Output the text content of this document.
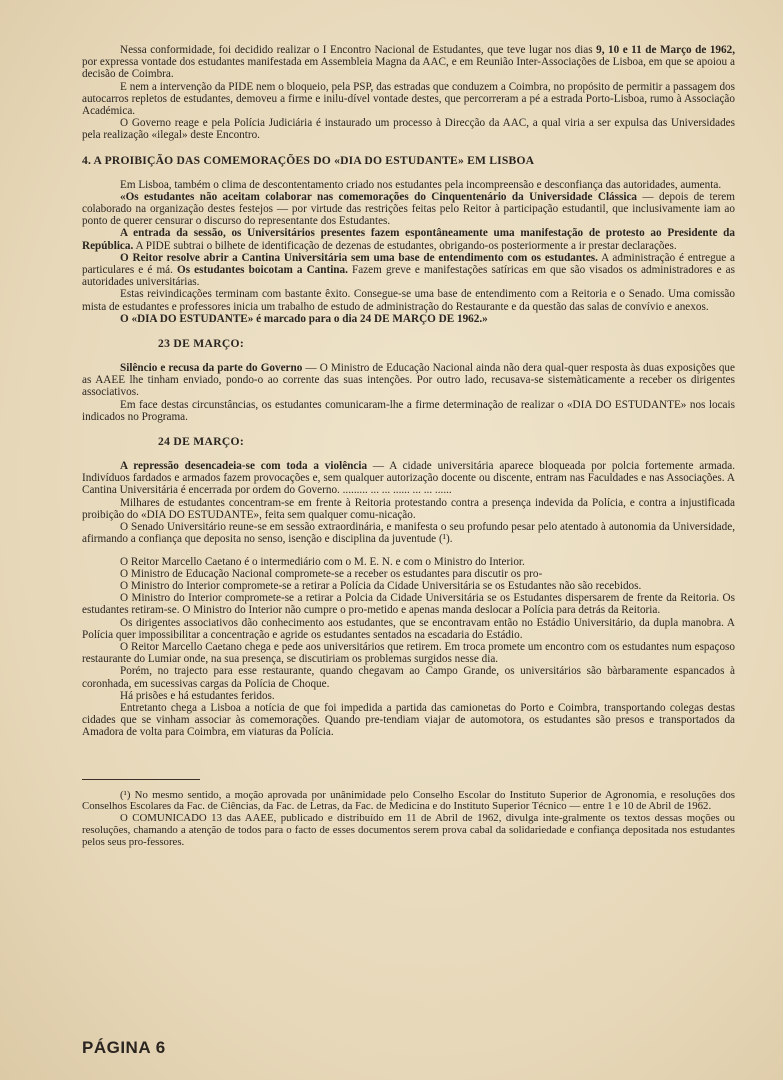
Nessa conformidade, foi decidido realizar o I Encontro Nacional de Estudantes, que teve lugar nos dias 9, 10 e 11 de Março de 1962, por expressa vontade dos estudantes manifestada em Assembleia Magna da AAC, e em Reunião Inter-Associações de Lisboa, em que se apoiou a decisão de Coimbra.

E nem a intervenção da PIDE nem o bloqueio, pela PSP, das estradas que conduzem a Coimbra, no propósito de permitir a passagem dos autocarros repletos de estudantes, demoveu a firme e inilu-dível vontade destes, que percorreram a pé a estrada Porto-Lisboa, rumo à Associação Académica.

O Governo reage e pela Polícia Judiciária é instaurado um processo à Direcção da AAC, a qual viria a ser expulsa das Universidades pela realização «ilegal» deste Encontro.

4. A PROIBIÇÃO DAS COMEMORAÇÕES DO «DIA DO ESTUDANTE» EM LISBOA

Em Lisboa, também o clima de descontentamento criado nos estudantes pela incompreensão e desconfiança das autoridades, aumenta.

«Os estudantes não aceitam colaborar nas comemorações do Cinquentenário da Universidade Clássica — depois de terem colaborado na organização destes festejos — por virtude das restrições feitas pelo Reitor à participação estudantil, que inclusivamente iam ao ponto de querer censurar o discurso do representante dos Estudantes.

A entrada da sessão, os Universitários presentes fazem espontâneamente uma manifestação de protesto ao Presidente da República. A PIDE subtrai o bilhete de identificação de dezenas de estudantes, obrigando-os posteriormente a ir prestar declarações.

O Reitor resolve abrir a Cantina Universitária sem uma base de entendimento com os estudantes. A administração é entregue a particulares e é má. Os estudantes boicotam a Cantina. Fazem greve e manifestações satíricas em que são visados os administradores e as autoridades universitárias.

Estas reivindicações terminam com bastante êxito. Consegue-se uma base de entendimento com a Reitoria e o Senado. Uma comissão mista de estudantes e professores inicia um trabalho de estudo de administração do Restaurante e da questão das salas de convívio e anexos.

O «DIA DO ESTUDANTE» é marcado para o dia 24 DE MARÇO DE 1962.»

23 DE MARÇO:

Silêncio e recusa da parte do Governo — O Ministro de Educação Nacional ainda não dera qual-quer resposta às duas exposições que as AAEE lhe tinham enviado, pondo-o ao corrente das suas intenções. Por outro lado, recusava-se sistemàticamente a receber os dirigentes associativos.

Em face destas circunstâncias, os estudantes comunicaram-lhe a firme determinação de realizar o «DIA DO ESTUDANTE» nos locais indicados no Programa.

24 DE MARÇO:

A repressão desencadeia-se com toda a violência — A cidade universitária aparece bloqueada por polcia fortemente armada. Indivíduos fardados e armados fazem provocações e, sem qualquer autorização docente ou discente, entram nas Faculdades e nas Associações. A Cantina Universitária é encerrada por ordem do Governo. ......... ... ... ...... ... ... ......

Milhares de estudantes concentram-se em frente à Reitoria protestando contra a presença indevida da Polícia, e contra a injustificada proibição do «DIA DO ESTUDANTE», feita sem qualquer comu-nicação.

O Senado Universitário reune-se em sessão extraordinária, e manifesta o seu profundo pesar pelo atentado à autonomia da Universidade, afirmando a confiança que deposita no senso, isenção e disciplina da juventude (¹).

O Reitor Marcello Caetano é o intermediário com o M. E. N. e com o Ministro do Interior.

O Ministro de Educação Nacional compromete-se a receber os estudantes para discutir os pro-

O Ministro do Interior compromete-se a retirar a Polícia da Cidade Universitária se os Estudantes não são recebidos.

O Ministro do Interior compromete-se a retirar a Polcia da Cidade Universitária se os Estudantes dispersarem de frente da Reitoria. Os estudantes retiram-se. O Ministro do Interior não cumpre o pro-metido e apenas manda deslocar a Polícia para detrás da Reitoria.

Os dirigentes associativos dão conhecimento aos estudantes, que se encontravam então no Estádio Universitário, da dupla manobra. A Polícia quer impossibilitar a concentração e agride os estudantes sentados na escadaria do Estádio.

O Reitor Marcello Caetano chega e pede aos universitários que retirem. Em troca promete um encontro com os estudantes num espaçoso restaurante do Lumiar onde, na sua presença, se discutiriam os problemas surgidos nesse dia.

Porém, no trajecto para esse restaurante, quando chegavam ao Campo Grande, os universitários são bàrbaramente espancados à coronhada, em sucessivas cargas da Polícia de Choque.

Há prisões e há estudantes feridos.

Entretanto chega a Lisboa a notícia de que foi impedida a partida das camionetas do Porto e Coimbra, transportando colegas destas cidades que se vinham associar às comemorações. Quando pre-tendiam viajar de automotora, os estudantes são presos e transportados da Amadora de volta para Coimbra, em viaturas da Polícia.

(¹) No mesmo sentido, a moção aprovada por unânimidade pelo Conselho Escolar do Instituto Superior de Agronomia, e resoluções dos Conselhos Escolares da Fac. de Ciências, da Fac. de Letras, da Fac. de Medicina e do Instituto Superior Técnico — entre 1 e 10 de Abril de 1962.

O COMUNICADO 13 das AAEE, publicado e distribuído em 11 de Abril de 1962, divulga inte-gralmente os textos dessas moções ou resoluções, chamando a atenção de todos para o facto de esses documentos serem prova cabal da solidariedade e confiança depositada nos estudantes pelos seus pro-fessores.

PÁGINA 6
